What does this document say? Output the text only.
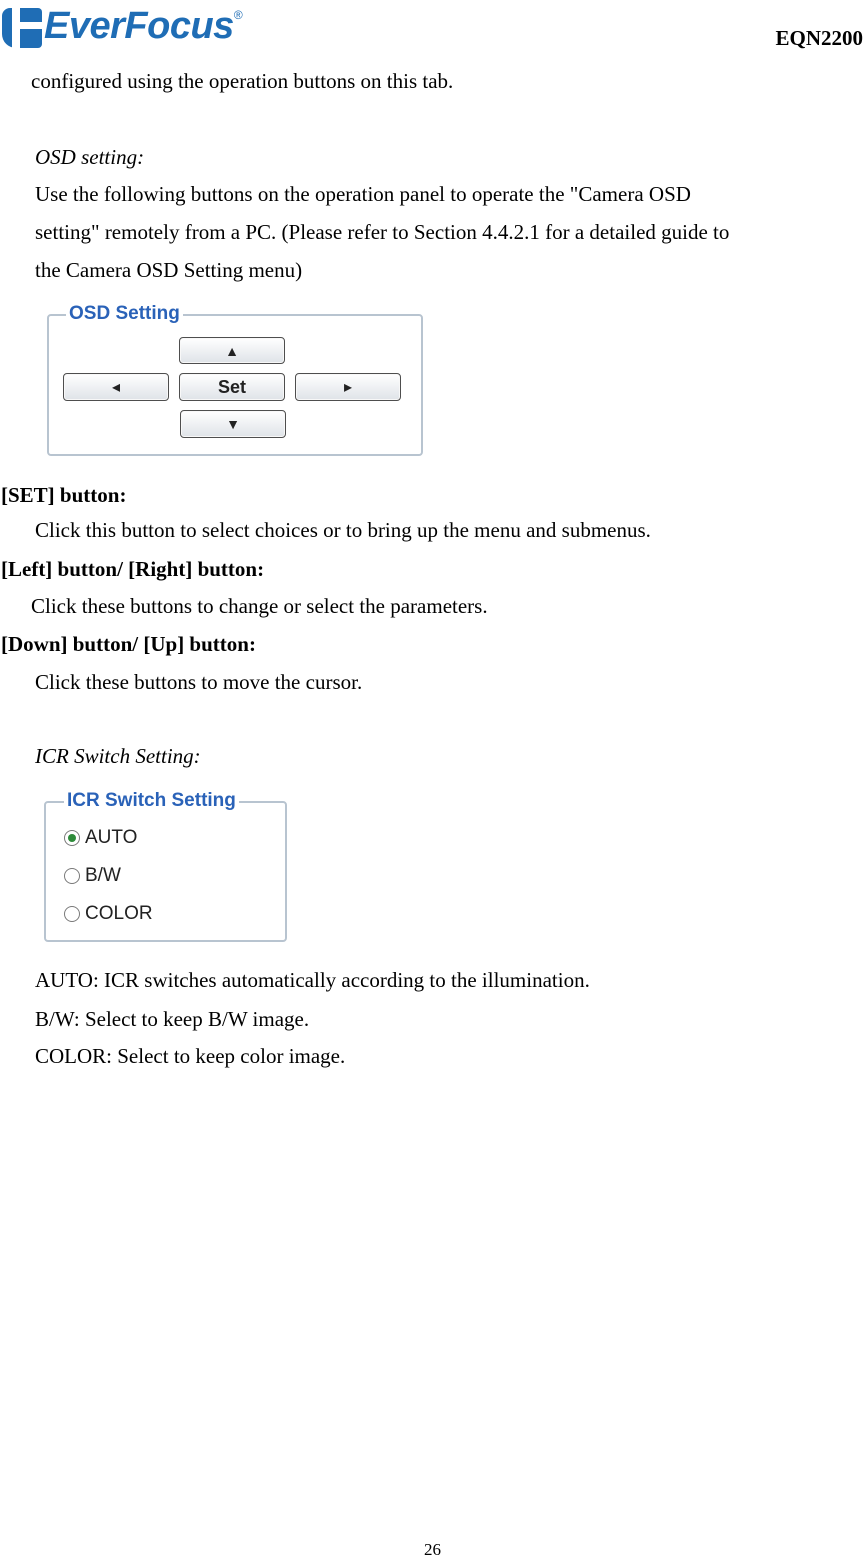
EverFocus ®
EQN2200
configured using the operation buttons on this tab.
OSD setting:
Use the following buttons on the operation panel to operate the "Camera OSD
setting" remotely from a PC. (Please refer to Section 4.4.2.1 for a detailed guide to
the Camera OSD Setting menu)
OSD Setting
▲
◂	Set	▸
▼
[SET] button:
Click this button to select choices or to bring up the menu and submenus.
[Left] button/ [Right] button:
Click these buttons to change or select the parameters.
[Down] button/ [Up] button:
Click these buttons to move the cursor.
ICR Switch Setting:
ICR Switch Setting
AUTO
B/W
COLOR
AUTO: ICR switches automatically according to the illumination.
B/W: Select to keep B/W image.
COLOR: Select to keep color image.
26
